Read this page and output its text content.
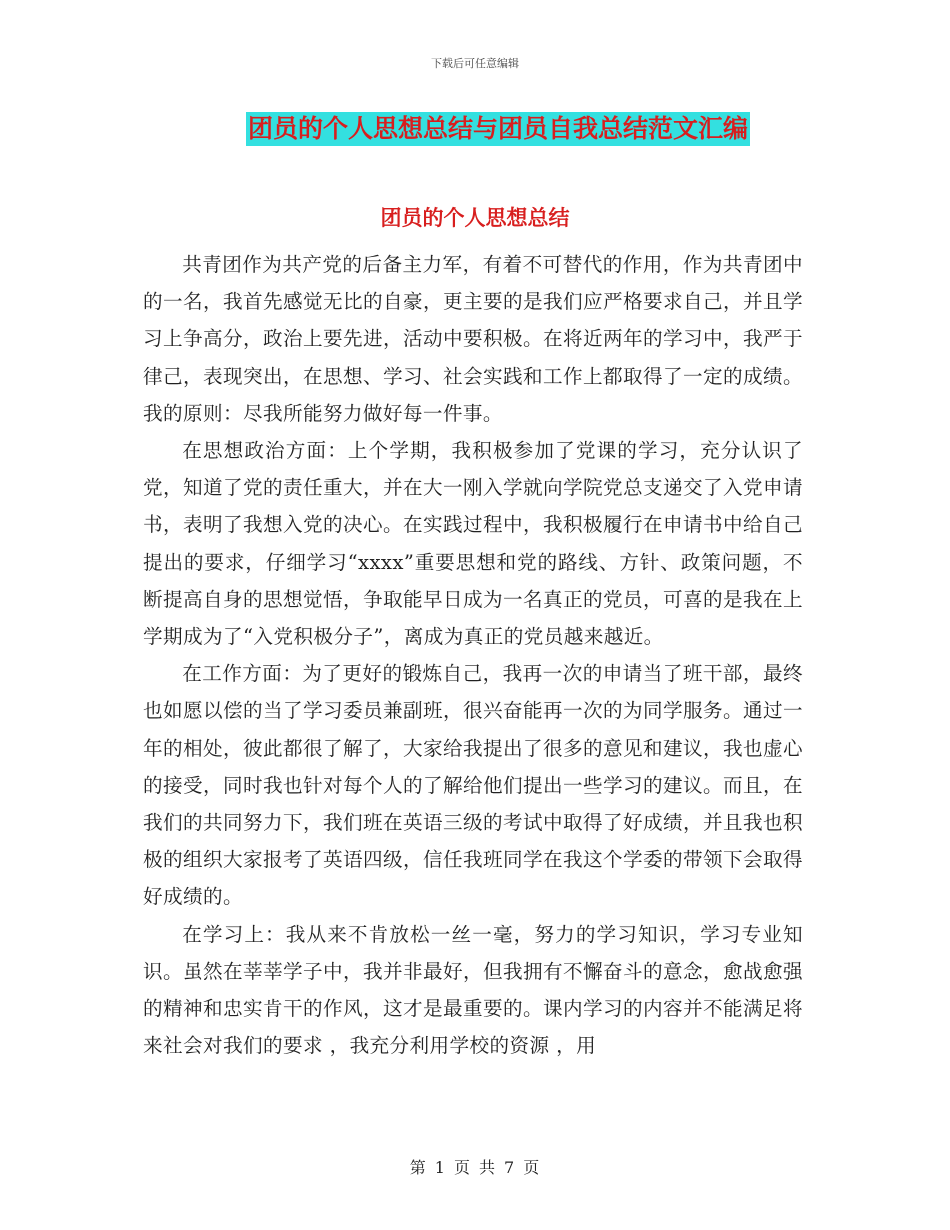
下载后可任意编辑
团员的个人思想总结与团员自我总结范文汇编
团员的个人思想总结

共青团作为共产党的后备主力军，有着不可替代的作用，作为共青团中的一名，我首先感觉无比的自豪，更主要的是我们应严格要求自己，并且学习上争高分，政治上要先进，活动中要积极。在将近两年的学习中，我严于律己，表现突出，在思想、学习、社会实践和工作上都取得了一定的成绩。我的原则：尽我所能努力做好每一件事。

在思想政治方面：上个学期，我积极参加了党课的学习，充分认识了党，知道了党的责任重大，并在大一刚入学就向学院党总支递交了入党申请书，表明了我想入党的决心。在实践过程中，我积极履行在申请书中给自己提出的要求，仔细学习“xxxx”重要思想和党的路线、方针、政策问题，不断提高自身的思想觉悟，争取能早日成为一名真正的党员，可喜的是我在上学期成为了“入党积极分子”，离成为真正的党员越来越近。

在工作方面：为了更好的锻炼自己，我再一次的申请当了班干部，最终也如愿以偿的当了学习委员兼副班，很兴奋能再一次的为同学服务。通过一年的相处，彼此都很了解了，大家给我提出了很多的意见和建议，我也虚心的接受，同时我也针对每个人的了解给他们提出一些学习的建议。而且，在我们的共同努力下，我们班在英语三级的考试中取得了好成绩，并且我也积极的组织大家报考了英语四级，信任我班同学在我这个学委的带领下会取得好成绩的。

在学习上：我从来不肯放松一丝一毫，努力的学习知识，学习专业知识。虽然在莘莘学子中，我并非最好，但我拥有不懈奋斗的意念，愈战愈强的精神和忠实肯干的作风，这才是最重要的。课内学习的内容并不能满足将来社会对我们的要求 ，我充分利用学校的资源 ，用

第 1 页 共 7 页
